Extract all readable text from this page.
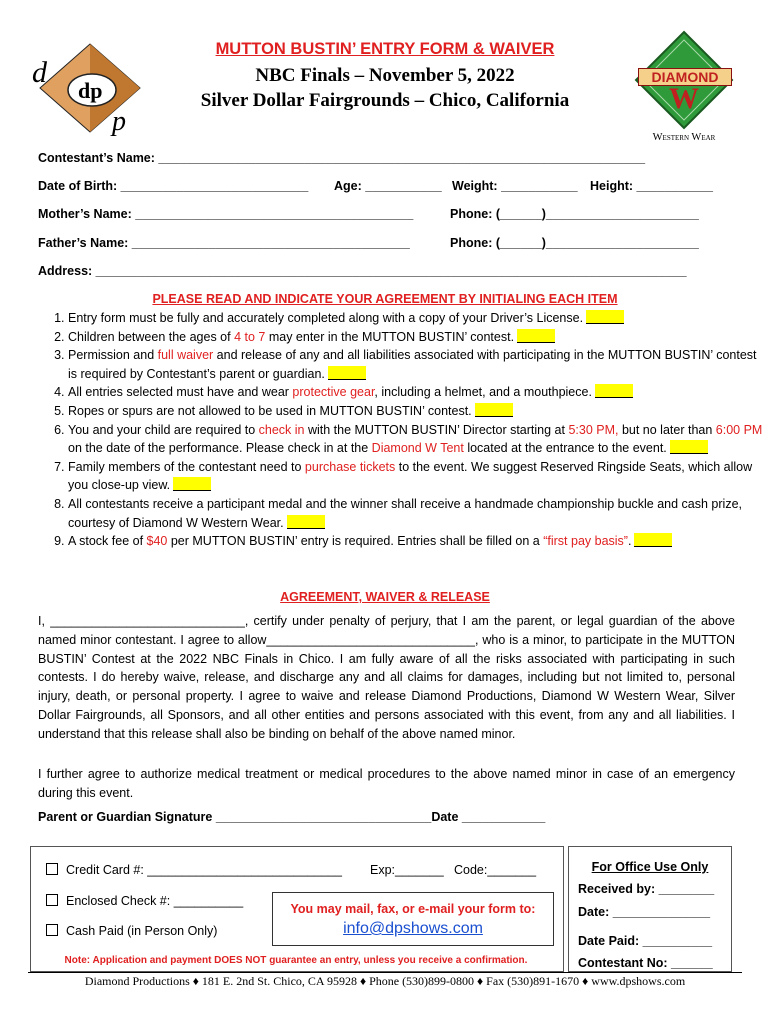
d
p
dp
DIAMOND
W
Western Wear
MUTTON BUSTIN’ ENTRY FORM & WAIVER
NBC Finals – November 5, 2022
Silver Dollar Fairgrounds – Chico, California
Contestant’s Name: ______________________________________________________________________
Date of Birth: ___________________________ Age: ___________ Weight: ___________ Height: ___________
Mother’s Name: ________________________________________	Phone: (______)______________________
Father’s Name: ________________________________________	Phone: (______)______________________
Address: _____________________________________________________________________________________
PLEASE READ AND INDICATE YOUR AGREEMENT BY INITIALING EACH ITEM
1. Entry form must be fully and accurately completed along with a copy of your Driver’s License.
2. Children between the ages of 4 to 7 may enter in the MUTTON BUSTIN’ contest.
3. Permission and full waiver and release of any and all liabilities associated with participating in the MUTTON BUSTIN’ contest is required by Contestant’s parent or guardian.
4. All entries selected must have and wear protective gear, including a helmet, and a mouthpiece.
5. Ropes or spurs are not allowed to be used in MUTTON BUSTIN’ contest.
6. You and your child are required to check in with the MUTTON BUSTIN’ Director starting at 5:30 PM, but no later than 6:00 PM on the date of the performance. Please check in at the Diamond W Tent located at the entrance to the event.
7. Family members of the contestant need to purchase tickets to the event. We suggest Reserved Ringside Seats, which allow you close-up view.
8. All contestants receive a participant medal and the winner shall receive a handmade championship buckle and cash prize, courtesy of Diamond W Western Wear.
9. A stock fee of $40 per MUTTON BUSTIN’ entry is required. Entries shall be filled on a “first pay basis”.
AGREEMENT, WAIVER & RELEASE
I, ____________________________, certify under penalty of perjury, that I am the parent, or legal guardian of the above named minor contestant. I agree to allow______________________________, who is a minor, to participate in the MUTTON BUSTIN’ Contest at the 2022 NBC Finals in Chico. I am fully aware of all the risks associated with participating in such contests. I do hereby waive, release, and discharge any and all claims for damages, including but not limited to, personal injury, death, or personal property. I agree to waive and release Diamond Productions, Diamond W Western Wear, Silver Dollar Fairgrounds, all Sponsors, and all other entities and persons associated with this event, from any and all liabilities. I understand that this release shall also be binding on behalf of the above named minor.
I further agree to authorize medical treatment or medical procedures to the above named minor in case of an emergency during this event.
Parent or Guardian Signature _______________________________Date ____________
Credit Card #: ____________________________ Exp:_______ Code:_______
Enclosed Check #: __________
Cash Paid (in Person Only)
You may mail, fax, or e-mail your form to:
info@dpshows.com
Note: Application and payment DOES NOT guarantee an entry, unless you receive a confirmation.
For Office Use Only
Received by: ________
Date: ______________
Date Paid: __________
Contestant No: ______
Diamond Productions ♦ 181 E. 2nd St. Chico, CA 95928 ♦ Phone (530)899-0800 ♦ Fax (530)891-1670 ♦ www.dpshows.com
